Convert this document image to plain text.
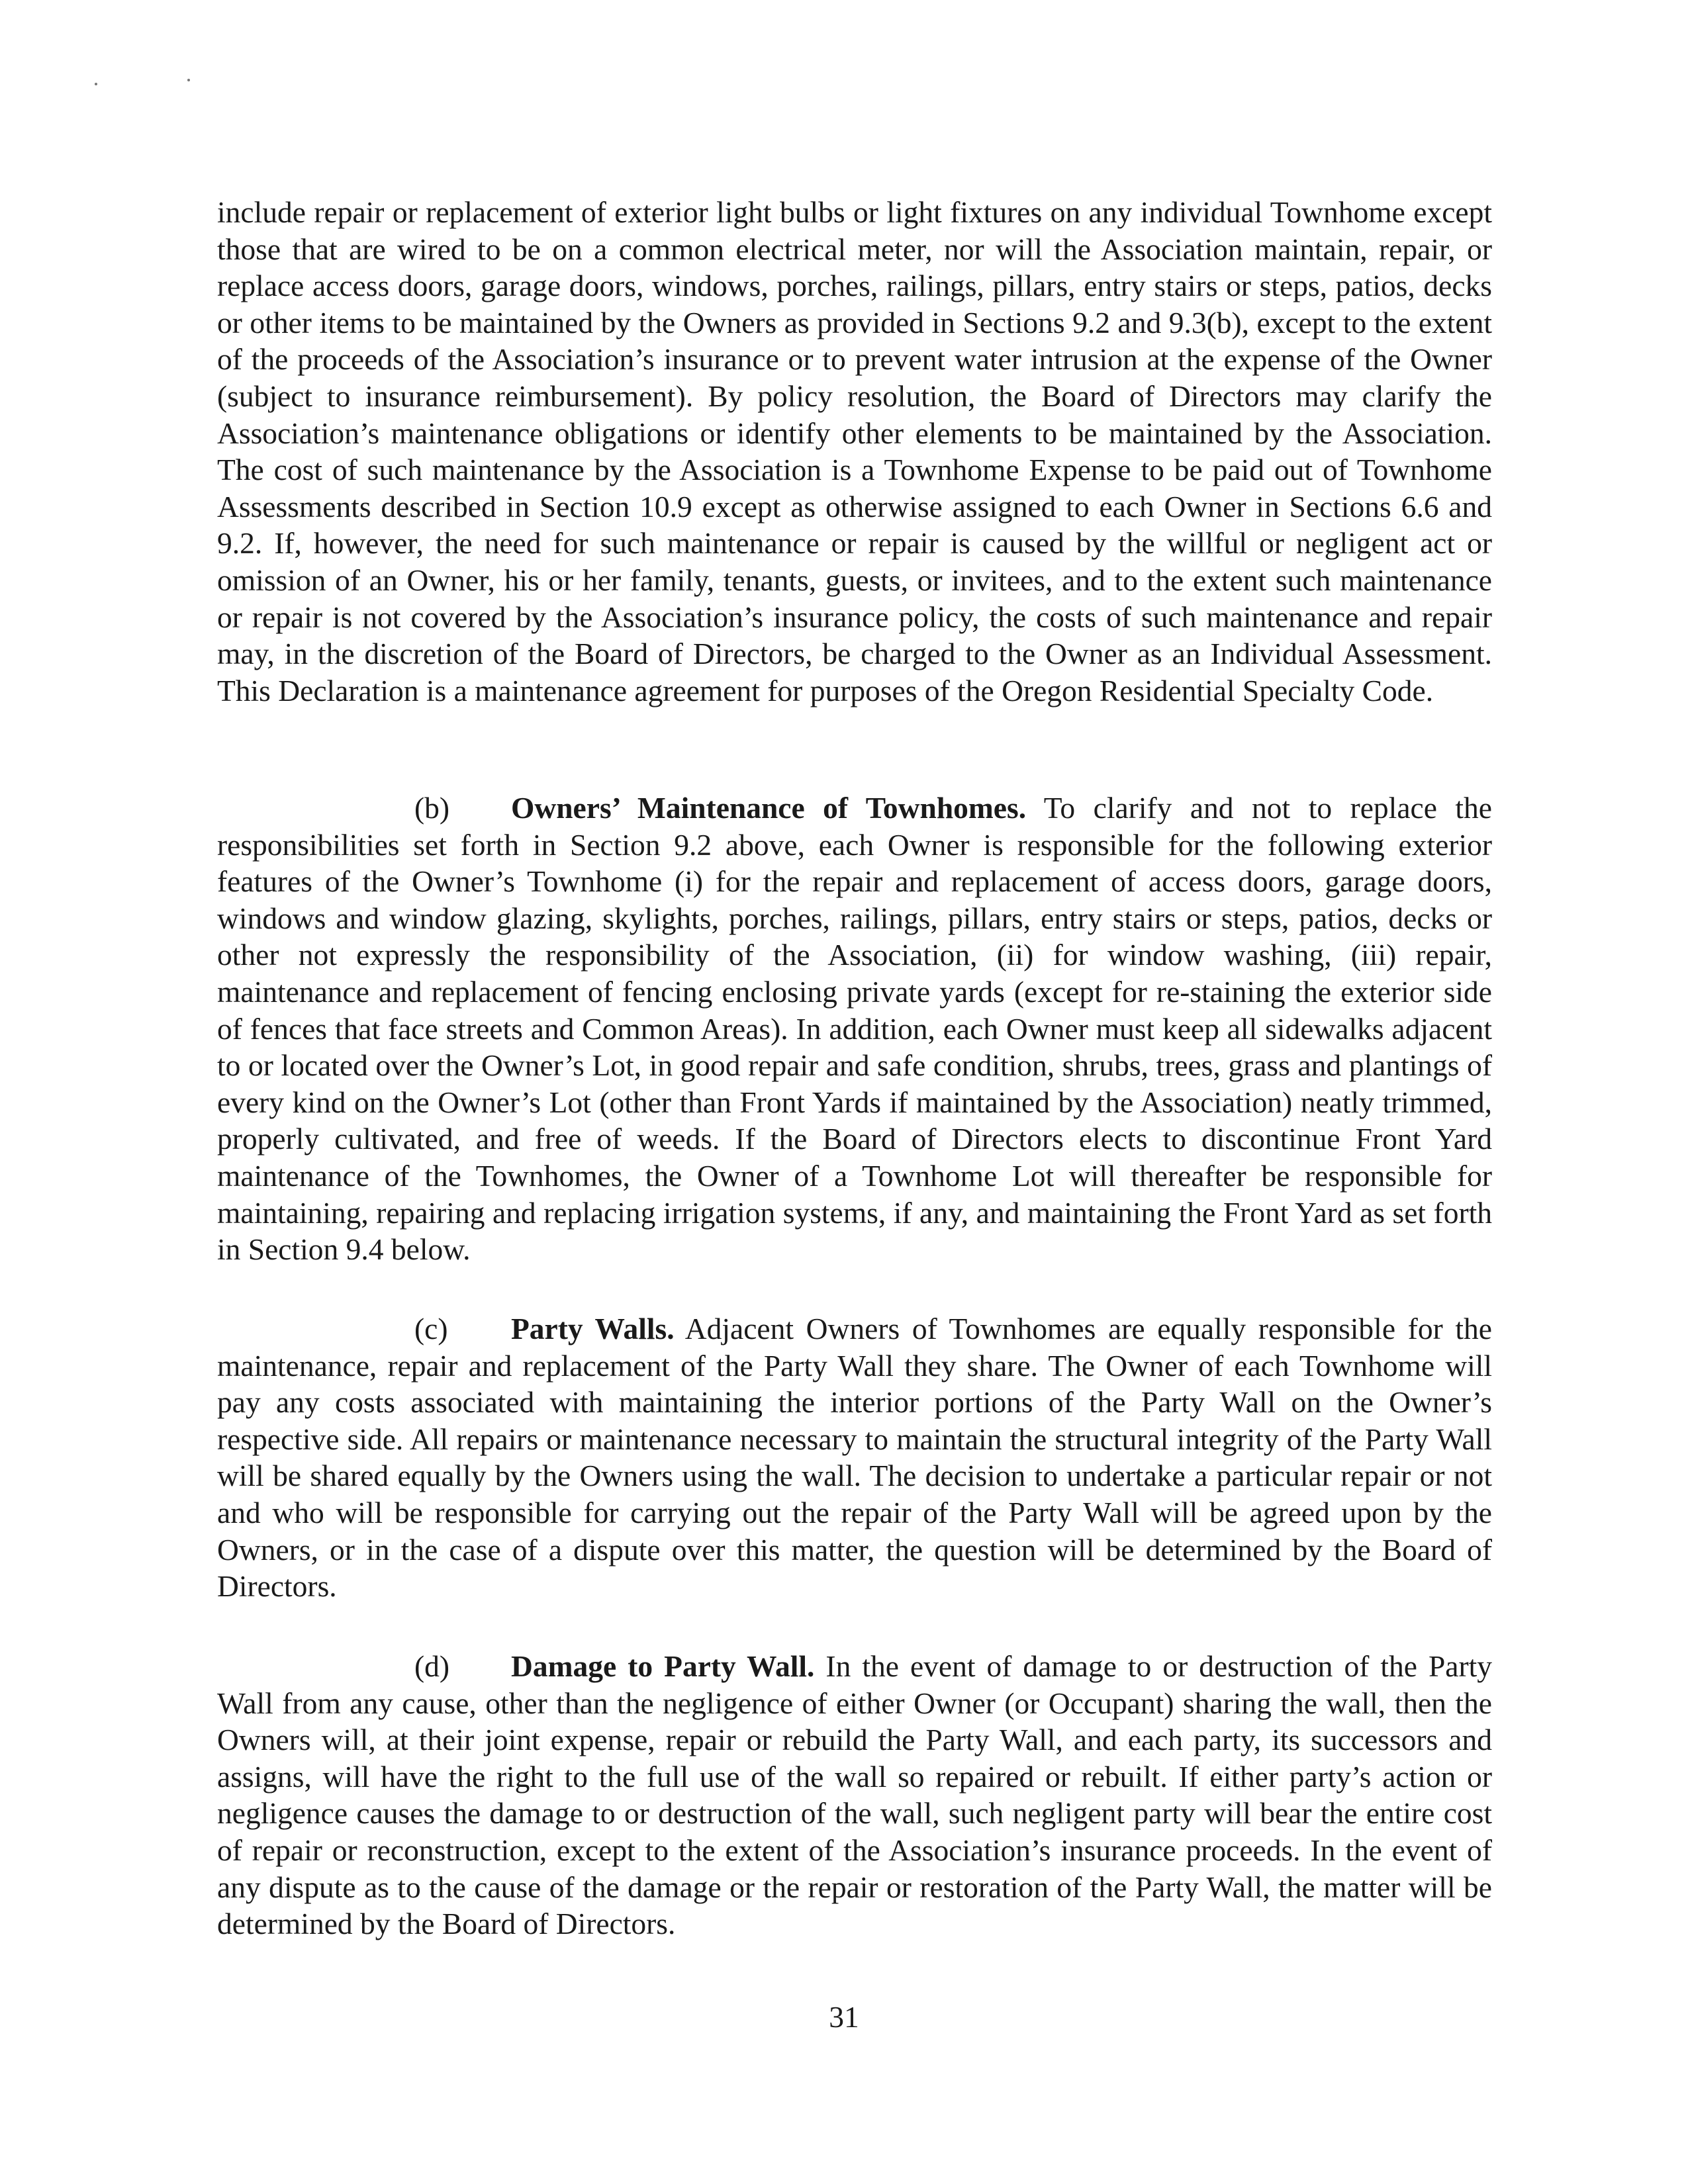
include repair or replacement of exterior light bulbs or light fixtures on any individual Townhome except those that are wired to be on a common electrical meter, nor will the Association maintain, repair, or replace access doors, garage doors, windows, porches, railings, pillars, entry stairs or steps, patios, decks or other items to be maintained by the Owners as provided in Sections 9.2 and 9.3(b), except to the extent of the proceeds of the Association’s insurance or to prevent water intrusion at the expense of the Owner (subject to insurance reimbursement). By policy resolution, the Board of Directors may clarify the Association’s maintenance obligations or identify other elements to be maintained by the Association. The cost of such maintenance by the Association is a Townhome Expense to be paid out of Townhome Assessments described in Section 10.9 except as otherwise assigned to each Owner in Sections 6.6 and 9.2. If, however, the need for such maintenance or repair is caused by the willful or negligent act or omission of an Owner, his or her family, tenants, guests, or invitees, and to the extent such maintenance or repair is not covered by the Association’s insurance policy, the costs of such maintenance and repair may, in the discretion of the Board of Directors, be charged to the Owner as an Individual Assessment. This Declaration is a maintenance agreement for purposes of the Oregon Residential Specialty Code.

(b) Owners’ Maintenance of Townhomes. To clarify and not to replace the responsibilities set forth in Section 9.2 above, each Owner is responsible for the following exterior features of the Owner’s Townhome (i) for the repair and replacement of access doors, garage doors, windows and window glazing, skylights, porches, railings, pillars, entry stairs or steps, patios, decks or other not expressly the responsibility of the Association, (ii) for window washing, (iii) repair, maintenance and replacement of fencing enclosing private yards (except for re-staining the exterior side of fences that face streets and Common Areas). In addition, each Owner must keep all sidewalks adjacent to or located over the Owner’s Lot, in good repair and safe condition, shrubs, trees, grass and plantings of every kind on the Owner’s Lot (other than Front Yards if maintained by the Association) neatly trimmed, properly cultivated, and free of weeds. If the Board of Directors elects to discontinue Front Yard maintenance of the Townhomes, the Owner of a Townhome Lot will thereafter be responsible for maintaining, repairing and replacing irrigation systems, if any, and maintaining the Front Yard as set forth in Section 9.4 below.

(c) Party Walls. Adjacent Owners of Townhomes are equally responsible for the maintenance, repair and replacement of the Party Wall they share. The Owner of each Townhome will pay any costs associated with maintaining the interior portions of the Party Wall on the Owner’s respective side. All repairs or maintenance necessary to maintain the structural integrity of the Party Wall will be shared equally by the Owners using the wall. The decision to undertake a particular repair or not and who will be responsible for carrying out the repair of the Party Wall will be agreed upon by the Owners, or in the case of a dispute over this matter, the question will be determined by the Board of Directors.

(d) Damage to Party Wall. In the event of damage to or destruction of the Party Wall from any cause, other than the negligence of either Owner (or Occupant) sharing the wall, then the Owners will, at their joint expense, repair or rebuild the Party Wall, and each party, its successors and assigns, will have the right to the full use of the wall so repaired or rebuilt. If either party’s action or negligence causes the damage to or destruction of the wall, such negligent party will bear the entire cost of repair or reconstruction, except to the extent of the Association’s insurance proceeds. In the event of any dispute as to the cause of the damage or the repair or restoration of the Party Wall, the matter will be determined by the Board of Directors.

31
